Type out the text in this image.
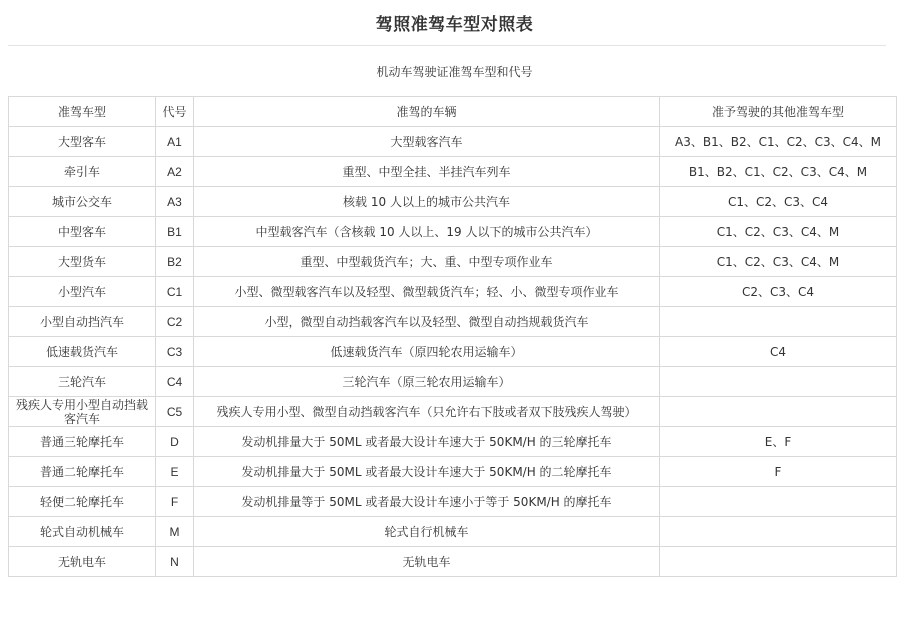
驾照准驾车型对照表
机动车驾驶证准驾车型和代号
准驾车型	代号	准驾的车辆	准予驾驶的其他准驾车型
大型客车	A1	大型载客汽车	A3、B1、B2、C1、C2、C3、C4、M
牵引车	A2	重型、中型全挂、半挂汽车列车	B1、B2、C1、C2、C3、C4、M
城市公交车	A3	核载 10 人以上的城市公共汽车	C1、C2、C3、C4
中型客车	B1	中型载客汽车（含核载 10 人以上、19 人以下的城市公共汽车）	C1、C2、C3、C4、M
大型货车	B2	重型、中型载货汽车；大、重、中型专项作业车	C1、C2、C3、C4、M
小型汽车	C1	小型、微型载客汽车以及轻型、微型载货汽车；轻、小、微型专项作业车	C2、C3、C4
小型自动挡汽车	C2	小型，微型自动挡载客汽车以及轻型、微型自动挡规载货汽车	
低速载货汽车	C3	低速载货汽车（原四轮农用运输车）	C4
三轮汽车	C4	三轮汽车（原三轮农用运输车）	
残疾人专用小型自动挡载客汽车	C5	残疾人专用小型、微型自动挡载客汽车（只允许右下肢或者双下肢残疾人驾驶）	
普通三轮摩托车	D	发动机排量大于 50ML 或者最大设计车速大于 50KM/H 的三轮摩托车	E、F
普通二轮摩托车	E	发动机排量大于 50ML 或者最大设计车速大于 50KM/H 的二轮摩托车	F
轻便二轮摩托车	F	发动机排量等于 50ML 或者最大设计车速小于等于 50KM/H 的摩托车	
轮式自动机械车	M	轮式自行机械车	
无轨电车	N	无轨电车	
